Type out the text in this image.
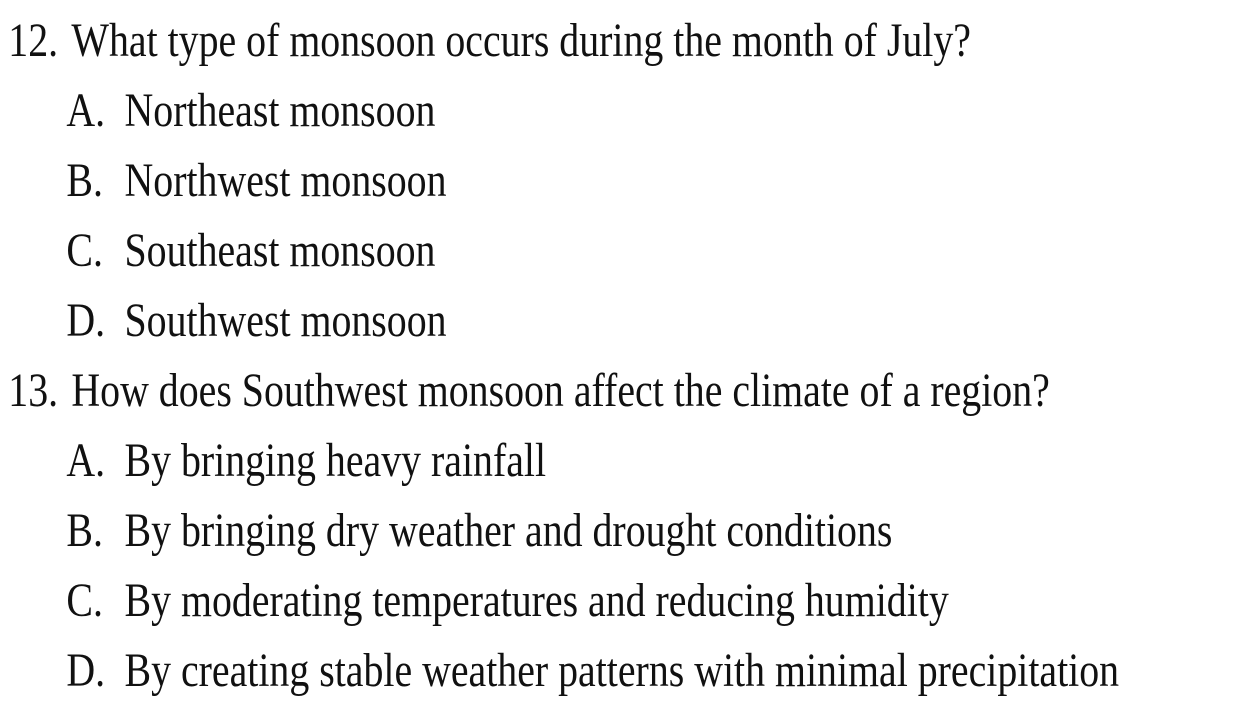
12. What type of monsoon occurs during the month of July?
A. Northeast monsoon
B. Northwest monsoon
C. Southeast monsoon
D. Southwest monsoon
13. How does Southwest monsoon affect the climate of a region?
A. By bringing heavy rainfall
B. By bringing dry weather and drought conditions
C. By moderating temperatures and reducing humidity
D. By creating stable weather patterns with minimal precipitation
